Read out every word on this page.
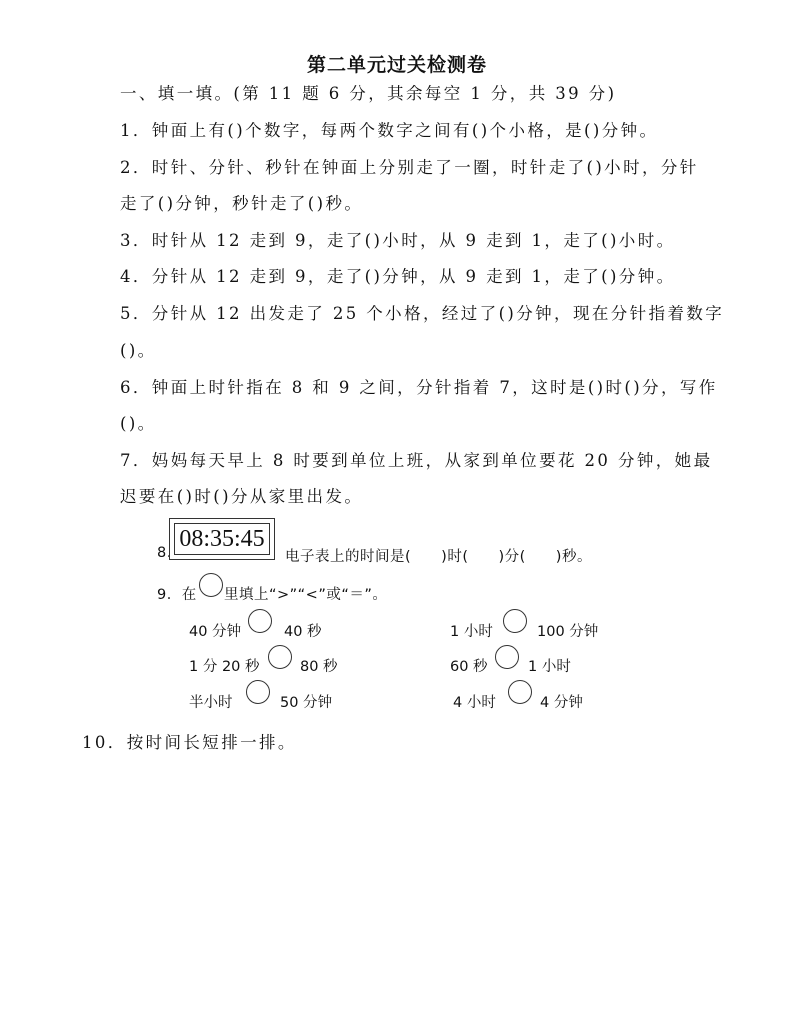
第二单元过关检测卷
一、填一填。(第 11 题 6 分，其余每空 1 分，共 39 分)
1．钟面上有()个数字，每两个数字之间有()个小格，是()分钟。
2．时针、分针、秒针在钟面上分别走了一圈，时针走了()小时，分针
走了()分钟，秒针走了()秒。
3．时针从 12 走到 9，走了()小时，从 9 走到 1，走了()小时。
4．分针从 12 走到 9，走了()分钟，从 9 走到 1，走了()分钟。
5．分针从 12 出发走了 25 个小格，经过了()分钟，现在分针指着数字
()。
6．钟面上时针指在 8 和 9 之间，分针指着 7，这时是()时()分，写作
()。
7．妈妈每天早上 8 时要到单位上班，从家到单位要花 20 分钟，她最
迟要在()时()分从家里出发。
8.
08:35:45
电子表上的时间是(　　)时(　　)分(　　)秒。
9．在 里填上“>”“<”或“＝”。
40 分钟	40 秒	1 小时	100 分钟
1 分 20 秒	80 秒	60 秒	1 小时
半小时	50 分钟	4 小时	4 分钟
10．按时间长短排一排。
